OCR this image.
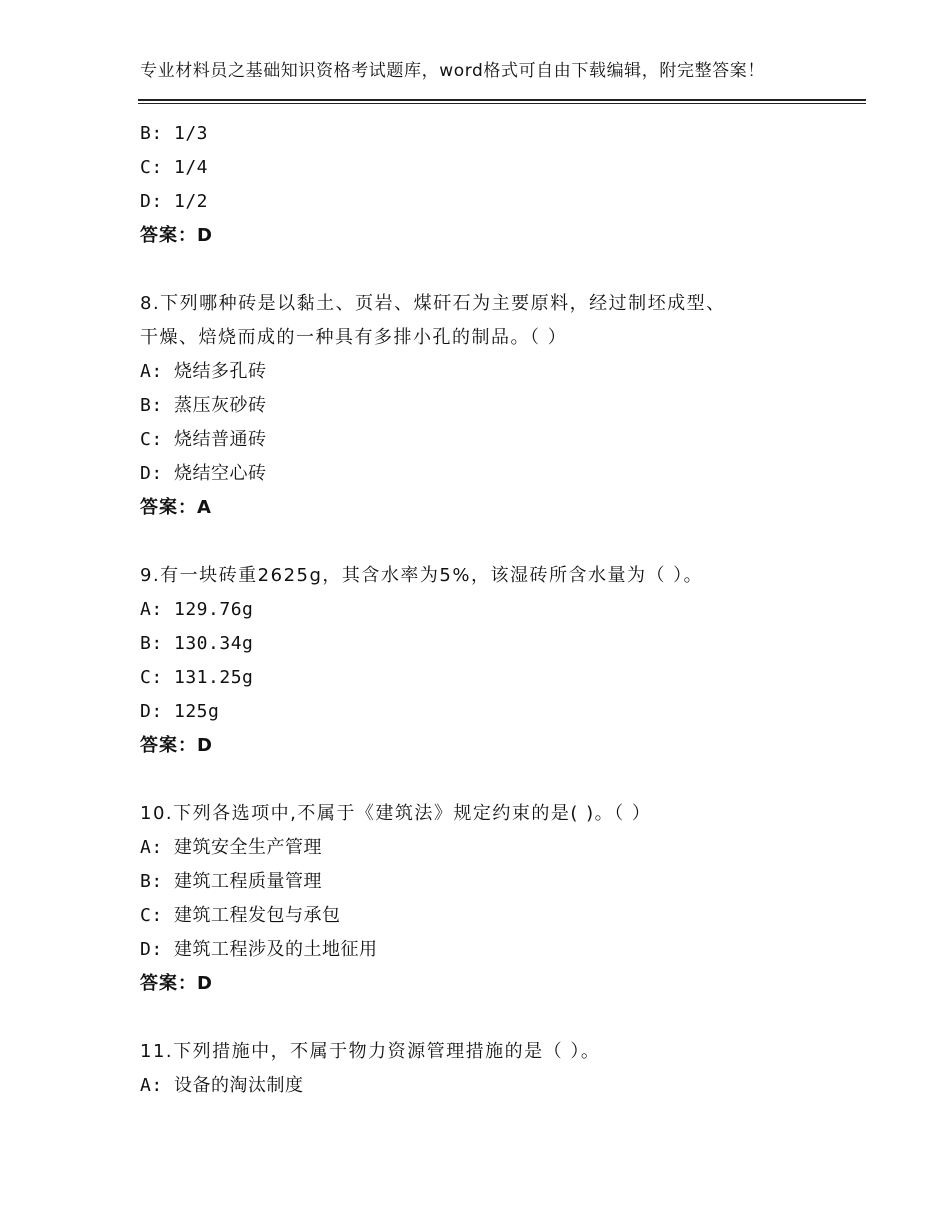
专业材料员之基础知识资格考试题库，word格式可自由下载编辑，附完整答案！
B: 1/3
C: 1/4
D: 1/2
答案：D
8.下列哪种砖是以黏土、页岩、煤矸石为主要原料，经过制坯成型、
干燥、焙烧而成的一种具有多排小孔的制品。（ ）
A: 烧结多孔砖
B: 蒸压灰砂砖
C: 烧结普通砖
D: 烧结空心砖
答案：A
9.有一块砖重2625g，其含水率为5%，该湿砖所含水量为（ ）。
A: 129.76g
B: 130.34g
C: 131.25g
D: 125g
答案：D
10.下列各选项中,不属于《建筑法》规定约束的是( )。（ ）
A: 建筑安全生产管理
B: 建筑工程质量管理
C: 建筑工程发包与承包
D: 建筑工程涉及的土地征用
答案：D
11.下列措施中，不属于物力资源管理措施的是（ ）。
A: 设备的淘汰制度
